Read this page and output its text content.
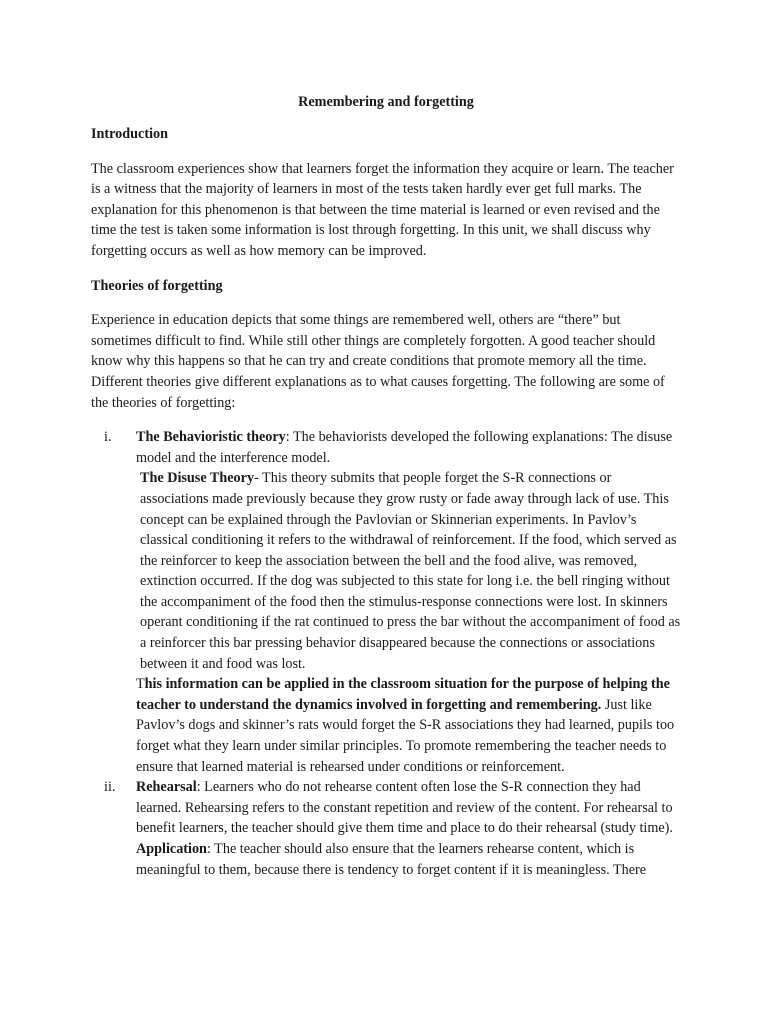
Remembering and forgetting
Introduction

The classroom experiences show that learners forget the information they acquire or learn. The teacher is a witness that the majority of learners in most of the tests taken hardly ever get full marks. The explanation for this phenomenon is that between the time material is learned or even revised and the time the test is taken some information is lost through forgetting. In this unit, we shall discuss why forgetting occurs as well as how memory can be improved.

Theories of forgetting

Experience in education depicts that some things are remembered well, others are “there” but sometimes difficult to find. While still other things are completely forgotten. A good teacher should know why this happens so that he can try and create conditions that promote memory all the time. Different theories give different explanations as to what causes forgetting. The following are some of the theories of forgetting:

i. The Behavioristic theory: The behaviorists developed the following explanations: The disuse model and the interference model.
The Disuse Theory- This theory submits that people forget the S-R connections or associations made previously because they grow rusty or fade away through lack of use. This concept can be explained through the Pavlovian or Skinnerian experiments. In Pavlov’s classical conditioning it refers to the withdrawal of reinforcement. If the food, which served as the reinforcer to keep the association between the bell and the food alive, was removed, extinction occurred. If the dog was subjected to this state for long i.e. the bell ringing without the accompaniment of the food then the stimulus-response connections were lost. In skinners operant conditioning if the rat continued to press the bar without the accompaniment of food as a reinforcer this bar pressing behavior disappeared because the connections or associations between it and food was lost.
This information can be applied in the classroom situation for the purpose of helping the teacher to understand the dynamics involved in forgetting and remembering. Just like Pavlov’s dogs and skinner’s rats would forget the S-R associations they had learned, pupils too forget what they learn under similar principles. To promote remembering the teacher needs to ensure that learned material is rehearsed under conditions or reinforcement.
ii. Rehearsal: Learners who do not rehearse content often lose the S-R connection they had learned. Rehearsing refers to the constant repetition and review of the content. For rehearsal to benefit learners, the teacher should give them time and place to do their rehearsal (study time).
Application: The teacher should also ensure that the learners rehearse content, which is meaningful to them, because there is tendency to forget content if it is meaningless. There
